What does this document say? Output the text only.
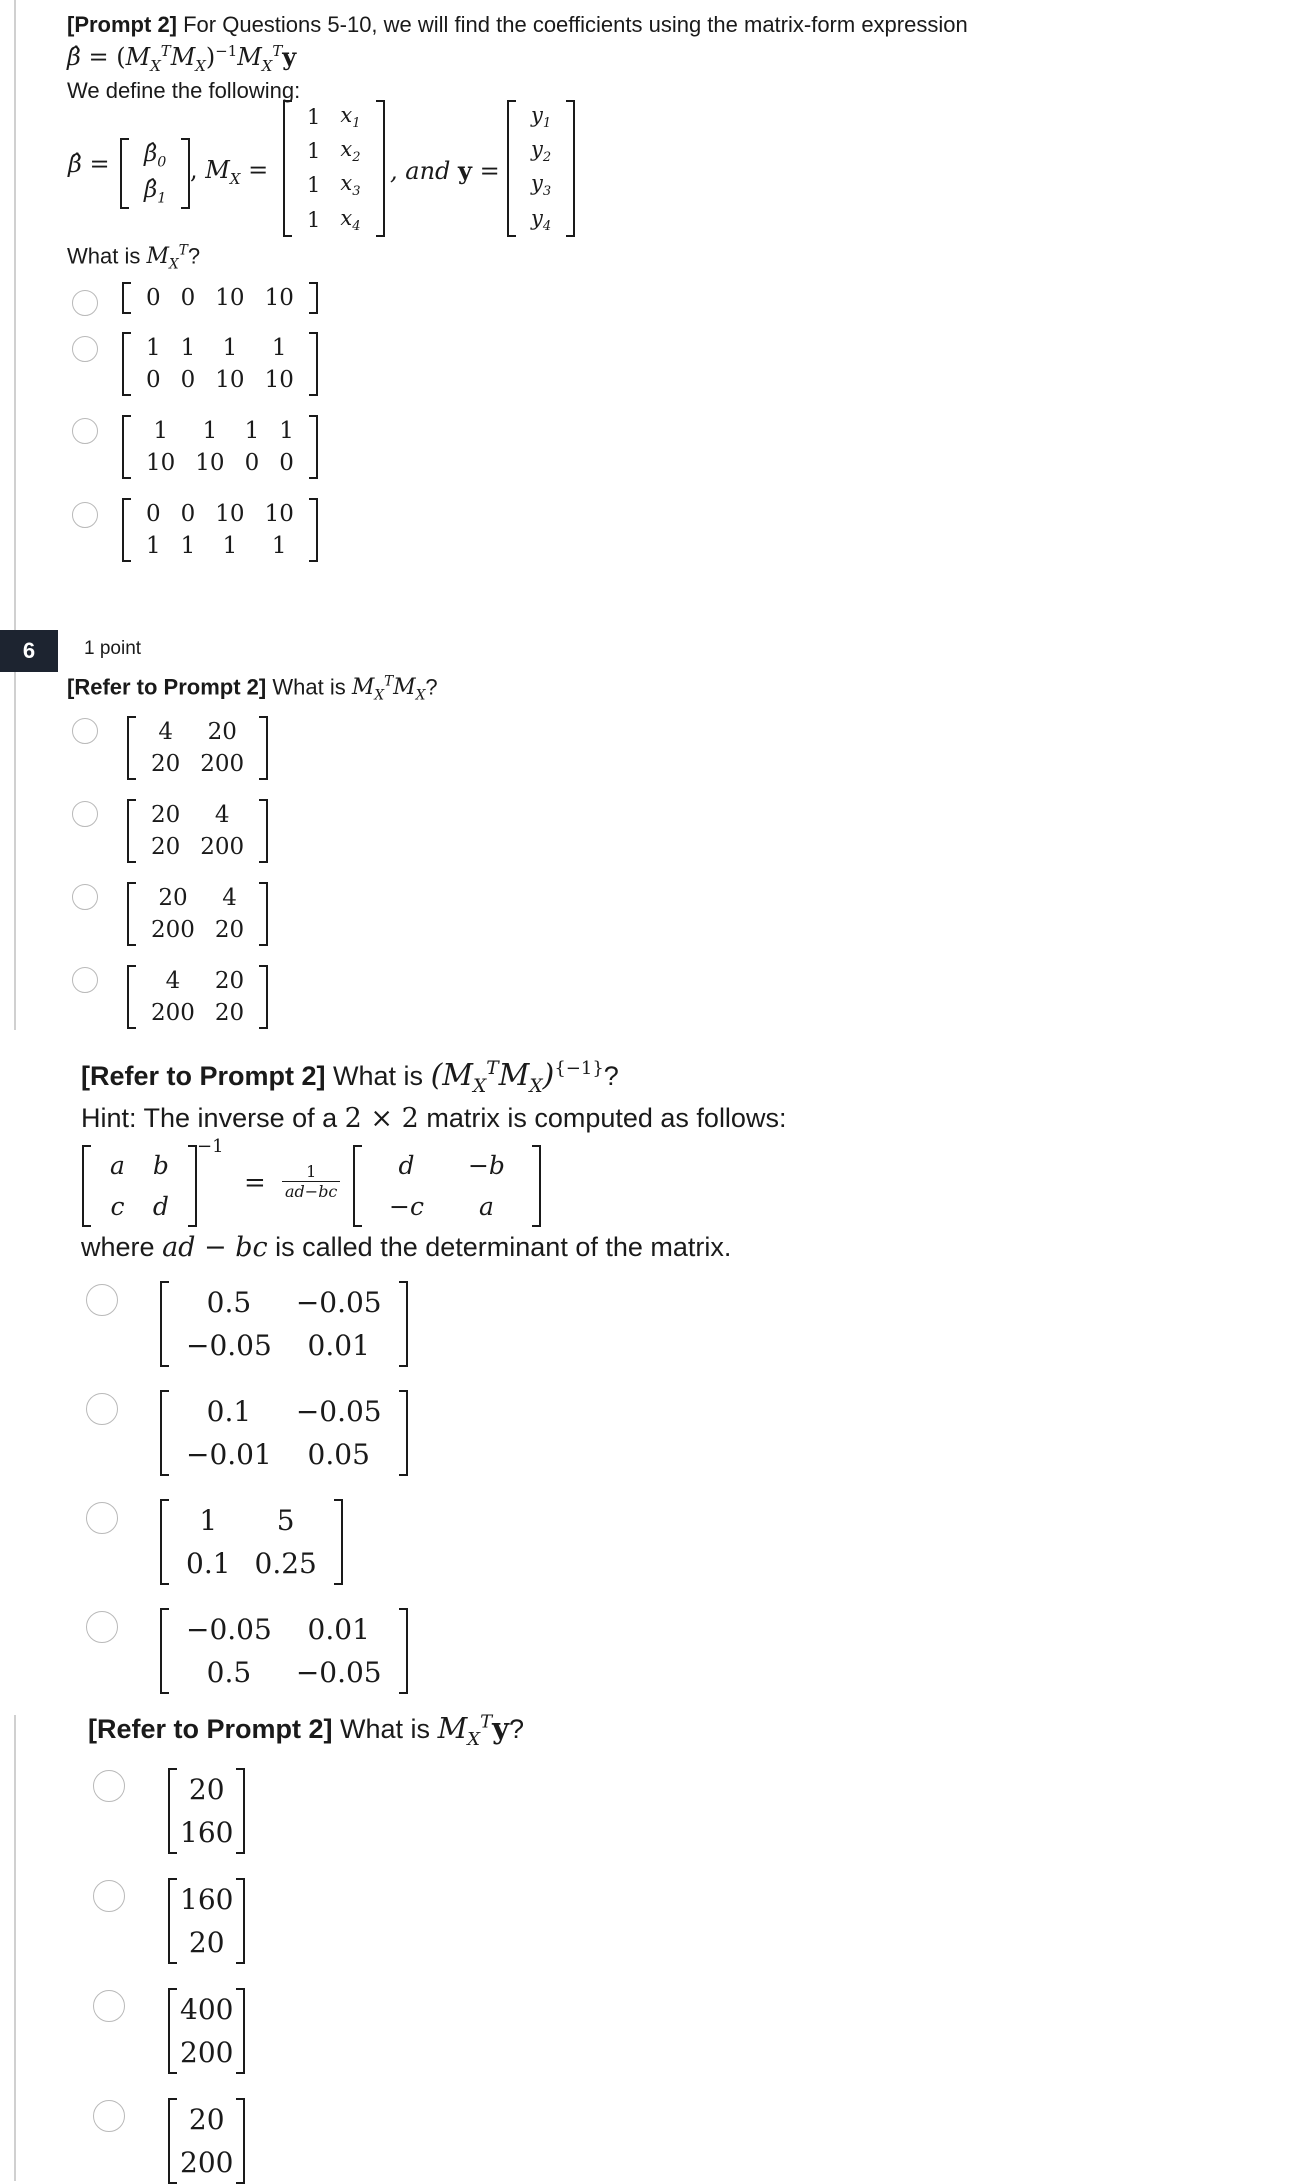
[Prompt 2] For Questions 5-10, we will find the coefficients using the matrix-form expression
β̂ = $(M_X^TM_X)^{-1}M_X^Ty$
We define the following:
β̂ = $\betâ_0$
$\betâ_1$
, $M_X$ =
1	$x_1$
1	$x_2$
1	$x_3$
1	$x_4$
, and y =
$y_1$
$y_2$
$y_3$
$y_4$
What is $M_X^T$?
0	0	10	10
1	1	1	1
0	0	10	10
1	1	1	1
10	10	0	0
0	0	10	10
1	1	1	1
6	1 point
[Refer to Prompt 2] What is $M_X^TM_X$?
4	20
20	200
20	4
20	200
20	4
200	20
4	20
200	20
[Refer to Prompt 2] What is $(M_X^TM_X)^{\{-1\}}$?
Hint: The inverse of a 2 × 2 matrix is computed as follows:
a	b
c	d
−1
= $\frac{1}{ad-bc}$ d	−b
−c	a
where ad − bc is called the determinant of the matrix.
0.5	−0.05
−0.05	0.01
0.1	−0.05
−0.01	0.05
1	5
0.1	0.25
−0.05	0.01
0.5	−0.05
[Refer to Prompt 2] What is $M_X^Ty$?
20
160
160
20
400
200
20
200
